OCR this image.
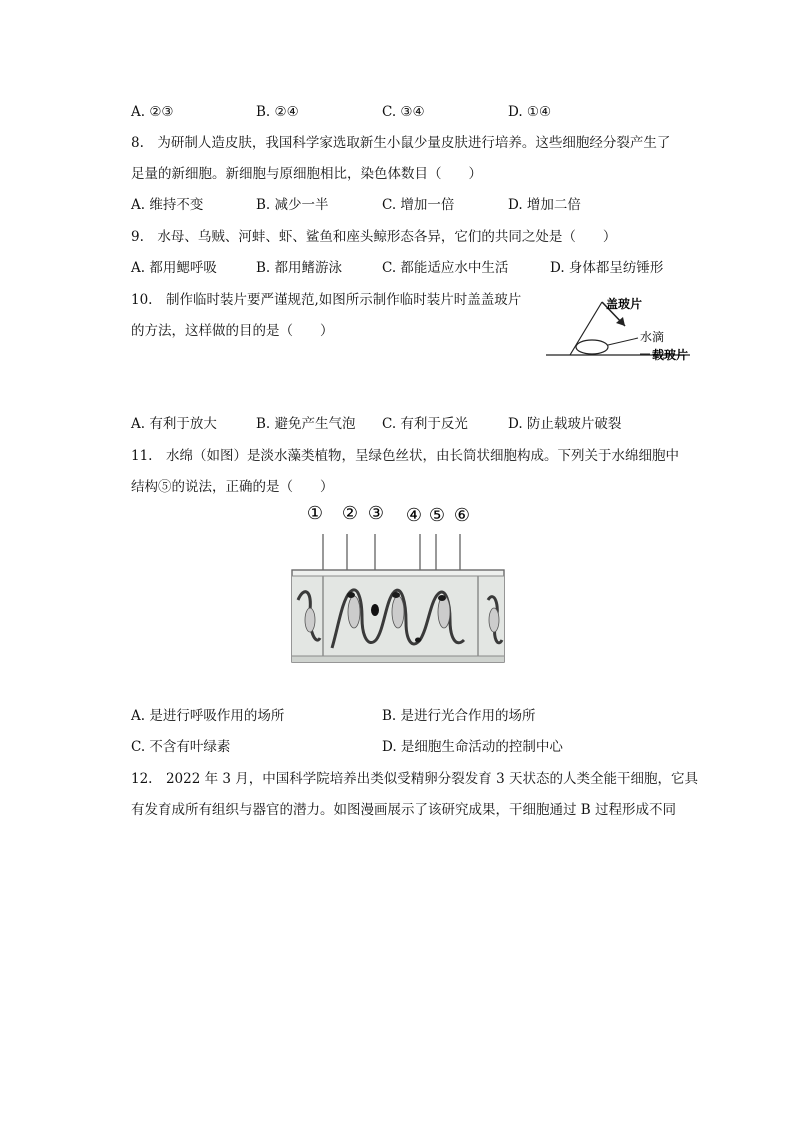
A. ②③	B. ②④	C. ③④	D. ①④
8.　为研制人造皮肤，我国科学家选取新生小鼠少量皮肤进行培养。这些细胞经分裂产生了
足量的新细胞。新细胞与原细胞相比，染色体数目（　　）
A. 维持不变	B. 减少一半	C. 增加一倍	D. 增加二倍
9.　水母、乌贼、河蚌、虾、鲨鱼和座头鲸形态各异，它们的共同之处是（　　）
A. 都用鳃呼吸	B. 都用鳍游泳	C. 都能适应水中生活	D. 身体都呈纺锤形
10.　制作临时装片要严谨规范,如图所示制作临时装片时盖盖玻片
的方法，这样做的目的是（　　）
盖玻片
水滴
载玻片
A. 有利于放大	B. 避免产生气泡 C. 有利于反光	D. 防止载玻片破裂
11.　水绵（如图）是淡水藻类植物，呈绿色丝状，由长筒状细胞构成。下列关于水绵细胞中
结构⑤的说法，正确的是（　　）
① ② ③ ④ ⑤ ⑥
A. 是进行呼吸作用的场所	B. 是进行光合作用的场所
C. 不含有叶绿素	D. 是细胞生命活动的控制中心
12.　2022 年 3 月，中国科学院培养出类似受精卵分裂发育 3 天状态的人类全能干细胞，它具
有发育成所有组织与器官的潜力。如图漫画展示了该研究成果，干细胞通过 B 过程形成不同
